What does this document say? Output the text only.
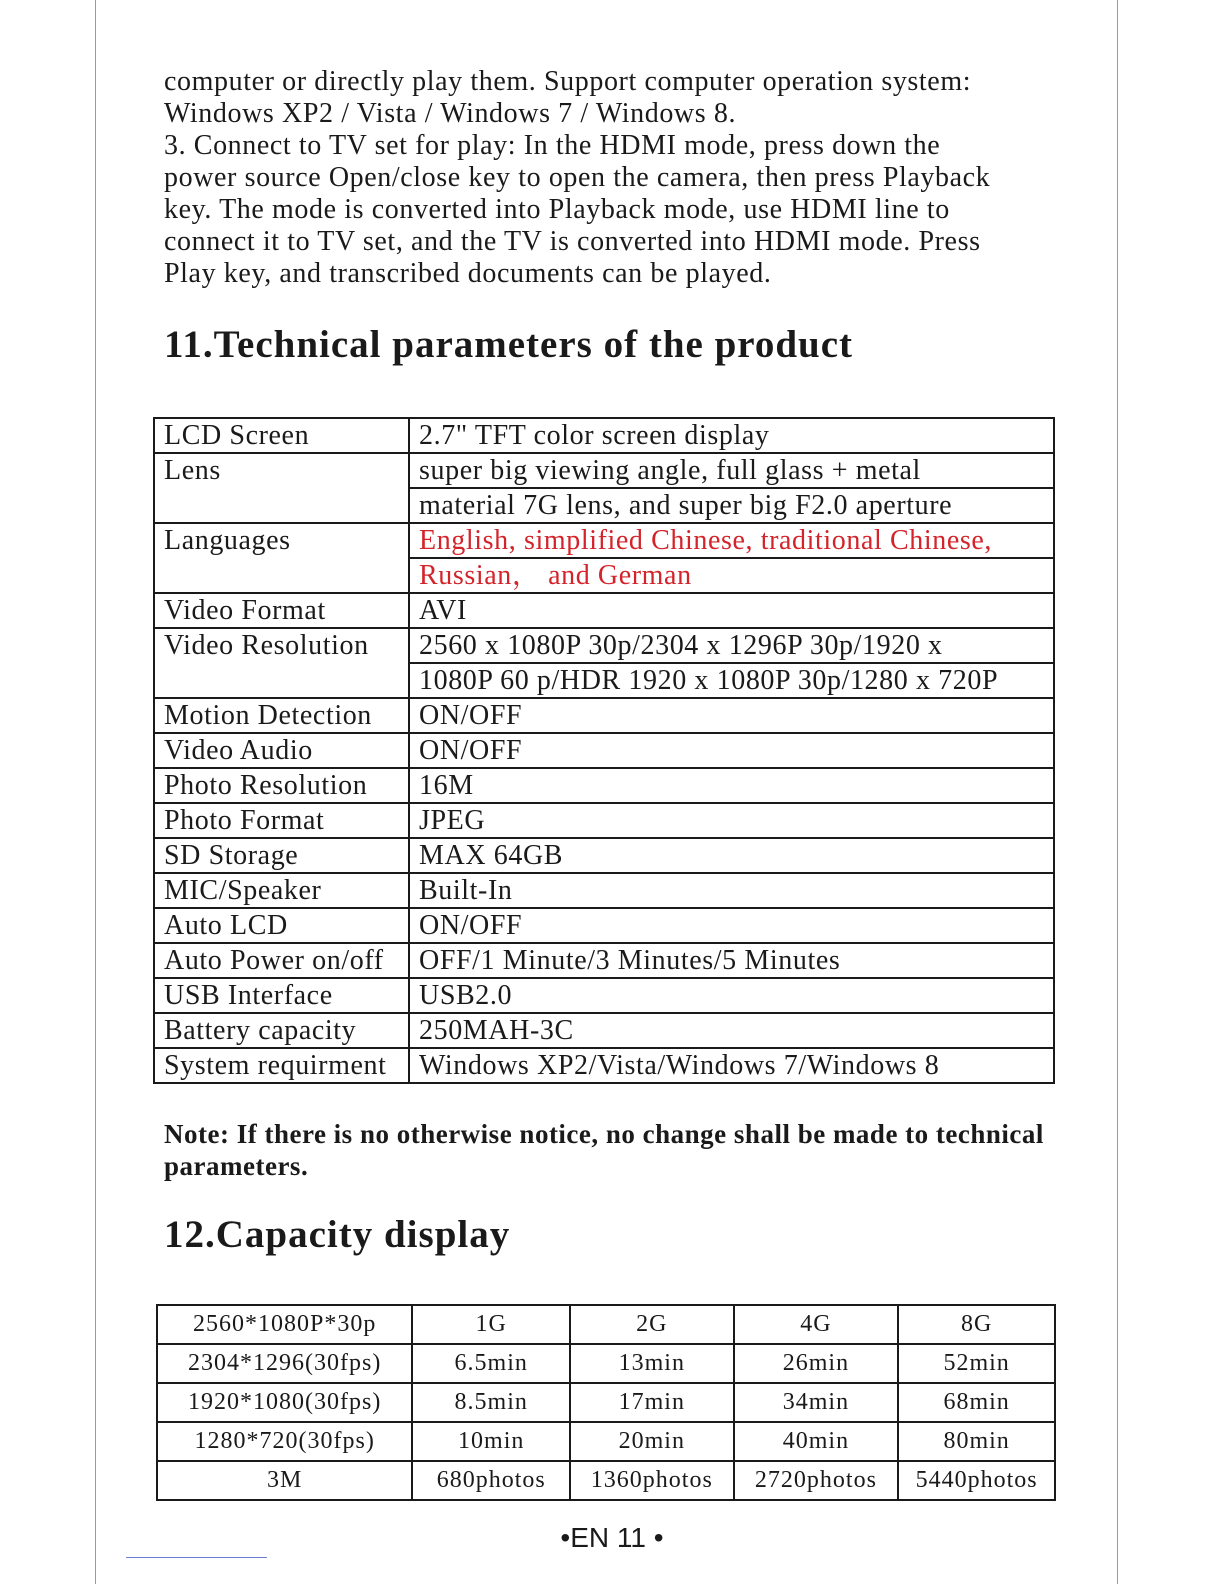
computer or directly play them. Support computer operation system:

Windows XP2 / Vista / Windows 7 / Windows 8.

3. Connect to TV set for play: In the HDMI mode, press down the

power source Open/close key to open the camera, then press Playback

key. The mode is converted into Playback mode, use HDMI line to

connect it to TV set, and the TV is converted into HDMI mode. Press

Play key, and transcribed documents can be played.

11.Technical parameters of the product
LCD Screen	2.7" TFT color screen display
Lens	super big viewing angle, full glass + metal
	material 7G lens, and super big F2.0 aperture
Languages	English, simplified Chinese, traditional Chinese,
	Russian， and German
Video Format	AVI
Video Resolution	2560 x 1080P 30p/2304 x 1296P 30p/1920 x
	1080P 60 p/HDR 1920 x 1080P 30p/1280 x 720P
Motion Detection	ON/OFF
Video Audio	ON/OFF
Photo Resolution	16M
Photo Format	JPEG
SD Storage	MAX 64GB
MIC/Speaker	Built-In
Auto LCD	ON/OFF
Auto Power on/off	OFF/1 Minute/3 Minutes/5 Minutes
USB Interface	USB2.0
Battery capacity	250MAH-3C
System requirment	Windows XP2/Vista/Windows 7/Windows 8

Note: If there is no otherwise notice, no change shall be made to technical parameters.

12.Capacity display
2560*1080P*30p	1G	2G	4G	8G
2304*1296(30fps)	6.5min	13min	26min	52min
1920*1080(30fps)	8.5min	17min	34min	68min
1280*720(30fps)	10min	20min	40min	80min
3M	680photos	1360photos	2720photos	5440photos
•EN 11 •
